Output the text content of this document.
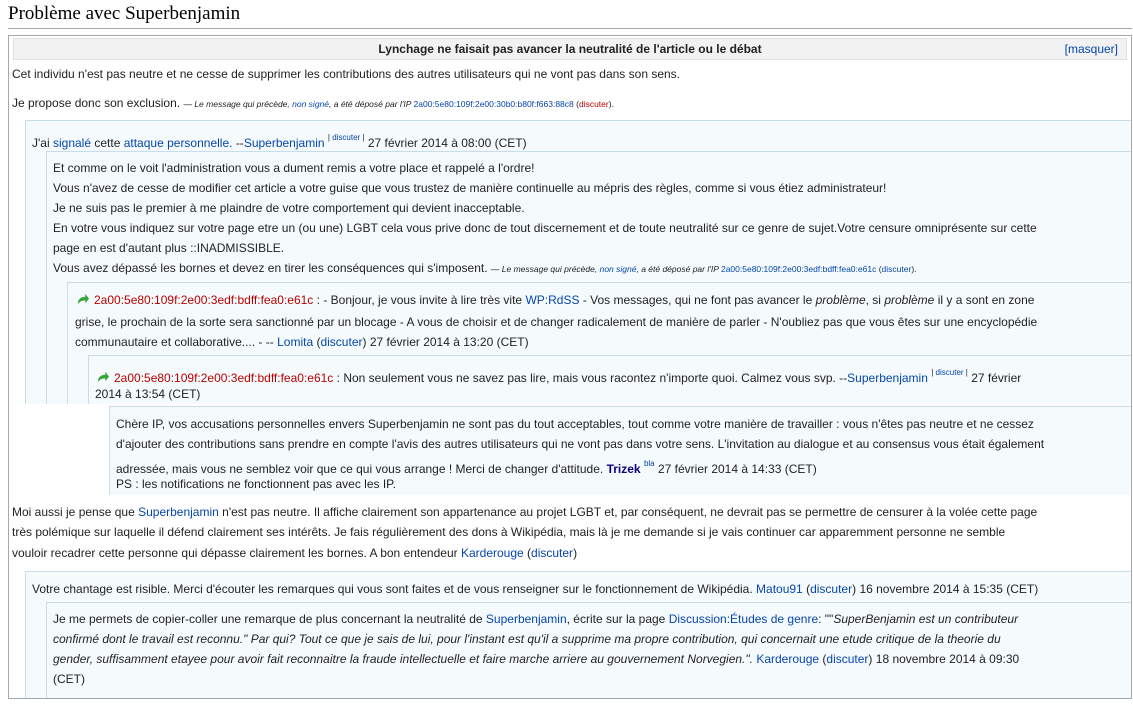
Problème avec Superbenjamin
Lynchage ne faisait pas avancer la neutralité de l'article ou le débat	[masquer]
Cet individu n'est pas neutre et ne cesse de supprimer les contributions des autres utilisateurs qui ne vont pas dans son sens.
Je propose donc son exclusion. — Le message qui précède, non signé, a été déposé par l'IP 2a00:5e80:109f:2e00:30b0:b80f:f663:88c8 (discuter).
J'ai signalé cette attaque personnelle. --Superbenjamin $^{| discuter |}$ 27 février 2014 à 08:00 (CET)
Et comme on le voit l'administration vous a dument remis a votre place et rappelé a l'ordre!
Vous n'avez de cesse de modifier cet article a votre guise que vous trustez de manière continuelle au mépris des règles, comme si vous étiez administrateur!
Je ne suis pas le premier à me plaindre de votre comportement qui devient inacceptable.
En votre vous indiquez sur votre page etre un (ou une) LGBT cela vous prive donc de tout discernement et de toute neutralité sur ce genre de sujet.Votre censure omniprésente sur cette
page en est d'autant plus ::INADMISSIBLE.
Vous avez dépassé les bornes et devez en tirer les conséquences qui s'imposent. — Le message qui précède, non signé, a été déposé par l'IP 2a00:5e80:109f:2e00:3edf:bdff:fea0:e61c (discuter).
2a00:5e80:109f:2e00:3edf:bdff:fea0:e61c : - Bonjour, je vous invite à lire très vite WP:RdSS - Vos messages, qui ne font pas avancer le problème, si problème il y a sont en zone
grise, le prochain de la sorte sera sanctionné par un blocage - A vous de choisir et de changer radicalement de manière de parler - N'oubliez pas que vous êtes sur une encyclopédie
communautaire et collaborative.... - -- Lomita (discuter) 27 février 2014 à 13:20 (CET)
2a00:5e80:109f:2e00:3edf:bdff:fea0:e61c : Non seulement vous ne savez pas lire, mais vous racontez n'importe quoi. Calmez vous svp. --Superbenjamin $^{| discuter |}$ 27 février
2014 à 13:54 (CET)
Chère IP, vos accusations personnelles envers Superbenjamin ne sont pas du tout acceptables, tout comme votre manière de travailler : vous n'êtes pas neutre et ne cessez
d'ajouter des contributions sans prendre en compte l'avis des autres utilisateurs qui ne vont pas dans votre sens. L'invitation au dialogue et au consensus vous était également
adressée, mais vous ne semblez voir que ce qui vous arrange ! Merci de changer d'attitude. Trizek $^{bla}$ 27 février 2014 à 14:33 (CET)
PS : les notifications ne fonctionnent pas avec les IP.
Moi aussi je pense que Superbenjamin n'est pas neutre. Il affiche clairement son appartenance au projet LGBT et, par conséquent, ne devrait pas se permettre de censurer à la volée cette page
très polémique sur laquelle il défend clairement ses intérêts. Je fais régulièrement des dons à Wikipédia, mais là je me demande si je vais continuer car apparemment personne ne semble
vouloir recadrer cette personne qui dépasse clairement les bornes. A bon entendeur Karderouge (discuter)
Votre chantage est risible. Merci d'écouter les remarques qui vous sont faites et de vous renseigner sur le fonctionnement de Wikipédia. Matou91 (discuter) 16 novembre 2014 à 15:35 (CET)
Je me permets de copier-coller une remarque de plus concernant la neutralité de Superbenjamin, écrite sur la page Discussion:Études de genre: ""SuperBenjamin est un contributeur
confirmé dont le travail est reconnu." Par qui? Tout ce que je sais de lui, pour l'instant est qu'il a supprime ma propre contribution, qui concernait une etude critique de la theorie du
gender, suffisamment etayee pour avoir fait reconnaitre la fraude intellectuelle et faire marche arriere au gouvernement Norvegien.". Karderouge (discuter) 18 novembre 2014 à 09:30
(CET)
